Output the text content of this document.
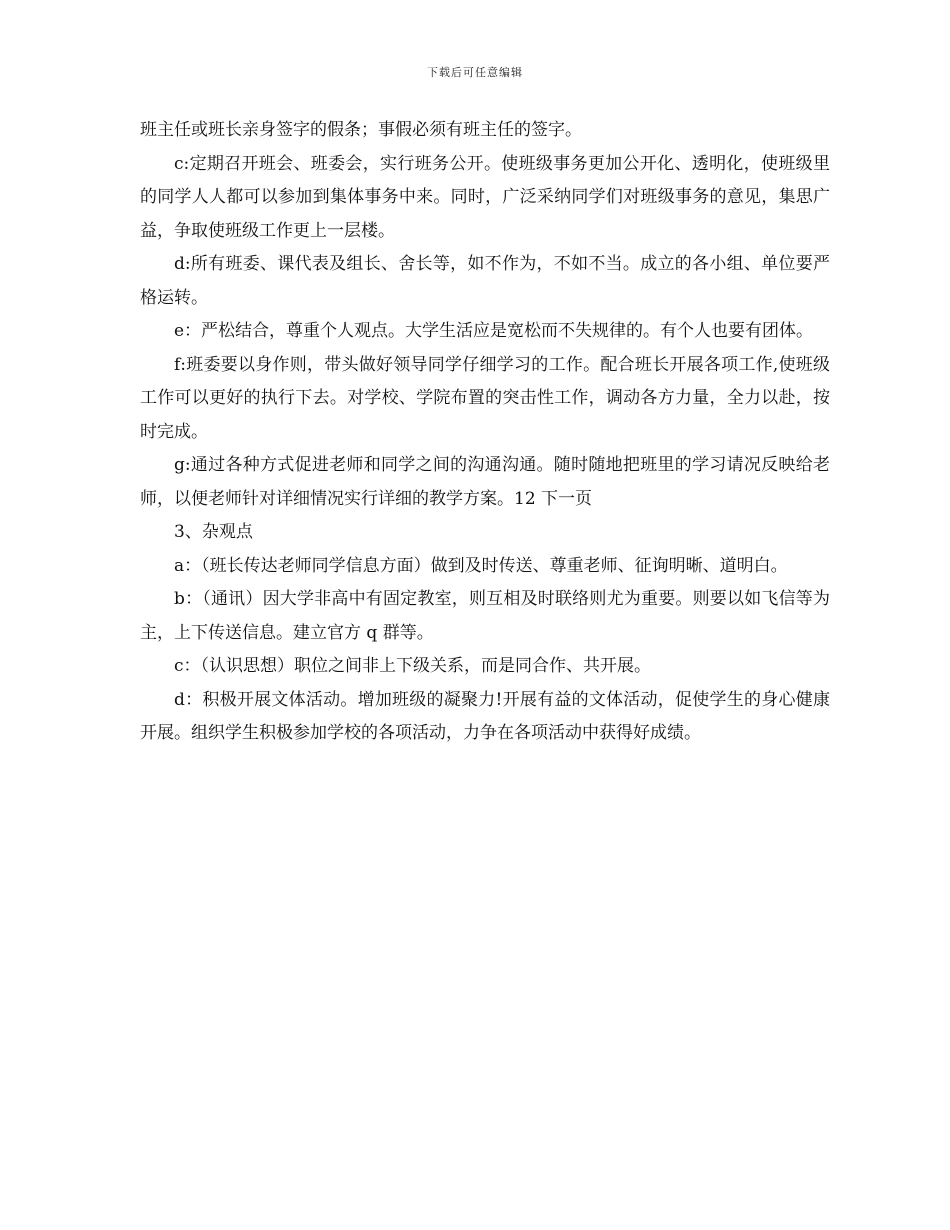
下载后可任意编辑

班主任或班长亲身签字的假条；事假必须有班主任的签字。

c:定期召开班会、班委会，实行班务公开。使班级事务更加公开化、透明化，使班级里的同学人人都可以参加到集体事务中来。同时，广泛采纳同学们对班级事务的意见，集思广益，争取使班级工作更上一层楼。

d:所有班委、课代表及组长、舍长等，如不作为，不如不当。成立的各小组、单位要严格运转。

e：严松结合，尊重个人观点。大学生活应是宽松而不失规律的。有个人也要有团体。

f:班委要以身作则，带头做好领导同学仔细学习的工作。配合班长开展各项工作,使班级工作可以更好的执行下去。对学校、学院布置的突击性工作，调动各方力量，全力以赴，按时完成。

g:通过各种方式促进老师和同学之间的沟通沟通。随时随地把班里的学习请况反映给老师，以便老师针对详细情况实行详细的教学方案。12 下一页

3、杂观点

a：（班长传达老师同学信息方面）做到及时传送、尊重老师、征询明晰、道明白。

b：（通讯）因大学非高中有固定教室，则互相及时联络则尤为重要。则要以如飞信等为主，上下传送信息。建立官方 q 群等。

c：（认识思想）职位之间非上下级关系，而是同合作、共开展。

d：积极开展文体活动。增加班级的凝聚力!开展有益的文体活动，促使学生的身心健康开展。组织学生积极参加学校的各项活动，力争在各项活动中获得好成绩。
